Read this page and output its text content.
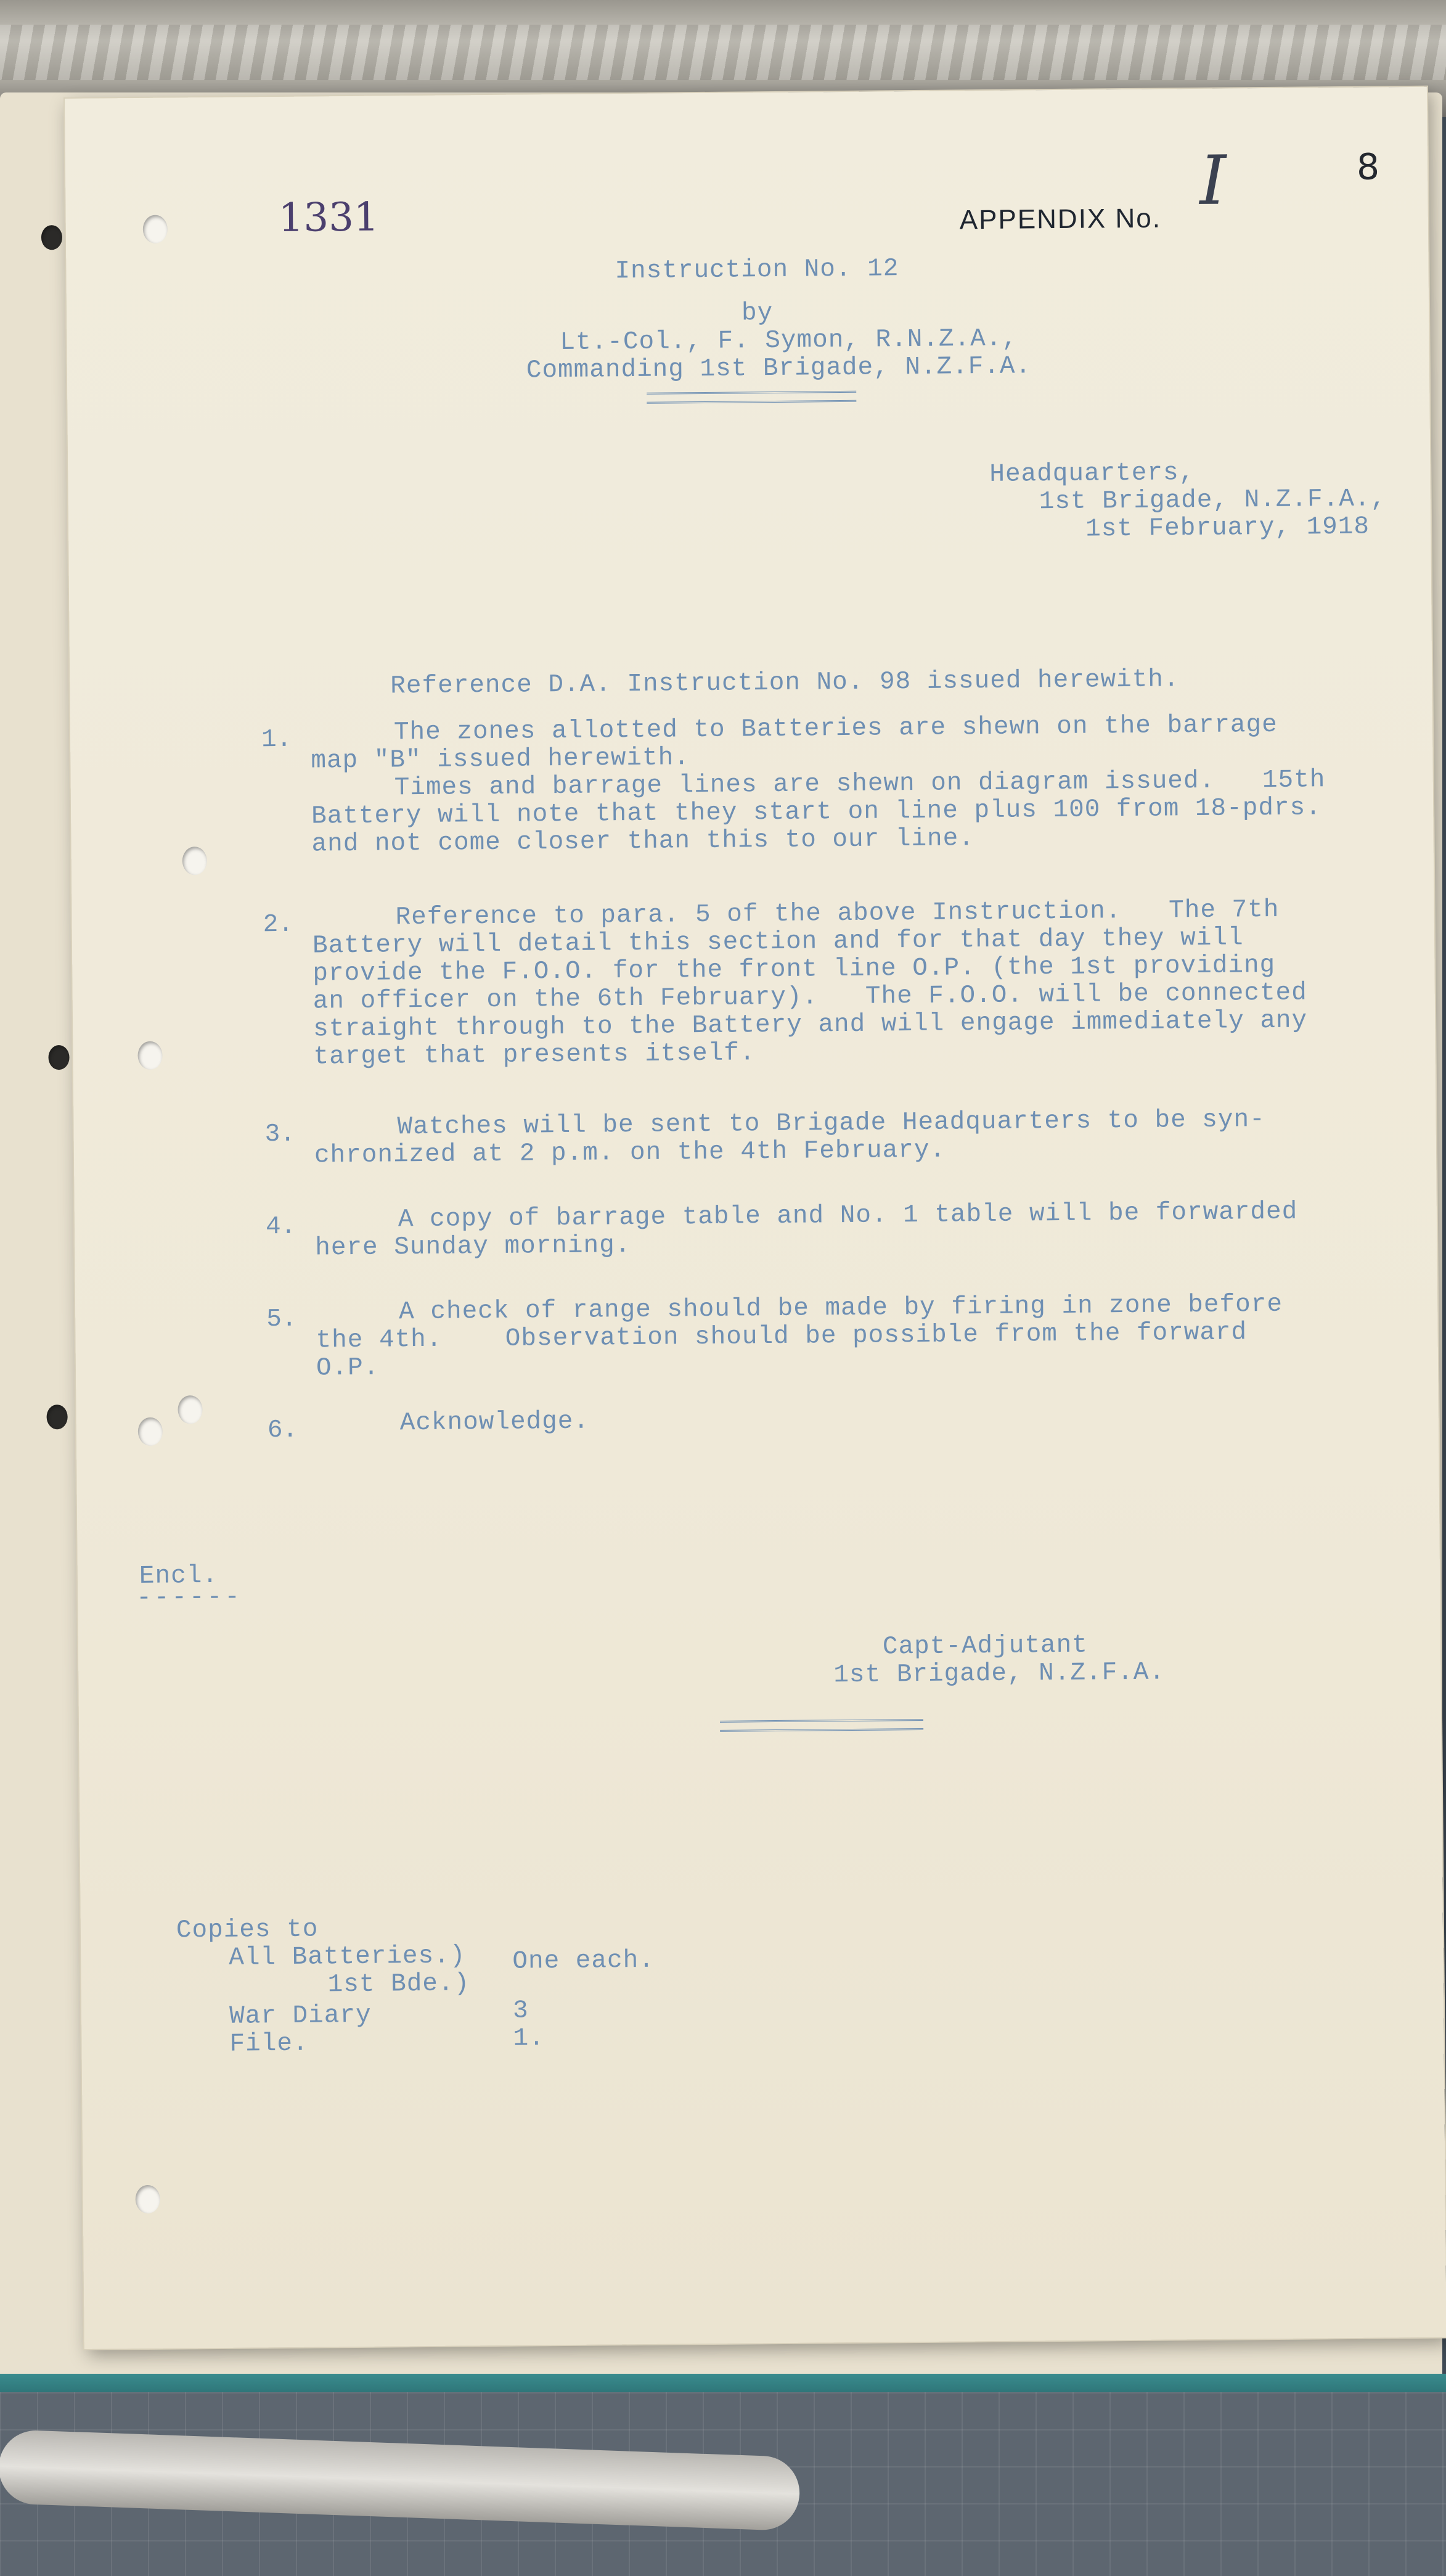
1331	APPENDIX No. I	8
Instruction No. 12
by
Lt.-Col., F. Symon, R.N.Z.A.,
Commanding 1st Brigade, N.Z.F.A.
Headquarters,
1st Brigade, N.Z.F.A.,
1st February, 1918
Reference D.A. Instruction No. 98 issued herewith.
1.	The zones allotted to Batteries are shewn on the barrage
map "B" issued herewith.
Times and barrage lines are shewn on diagram issued.   15th
Battery will note that they start on line plus 100 from 18-pdrs.
and not come closer than this to our line.
2.	Reference to para. 5 of the above Instruction.   The 7th
Battery will detail this section and for that day they will
provide the F.O.O. for the front line O.P. (the 1st providing
an officer on the 6th February).   The F.O.O. will be connected
straight through to the Battery and will engage immediately any
target that presents itself.
3.	Watches will be sent to Brigade Headquarters to be syn-
chronized at 2 p.m. on the 4th February.
4.	A copy of barrage table and No. 1 table will be forwarded
here Sunday morning.
5.	A check of range should be made by firing in zone before
the 4th.    Observation should be possible from the forward
O.P.
6.	Acknowledge.
Encl.
------
Capt-Adjutant
1st Brigade, N.Z.F.A.
Copies to
All Batteries.) One each.
1st Bde.)
War Diary	3
File.	1.
